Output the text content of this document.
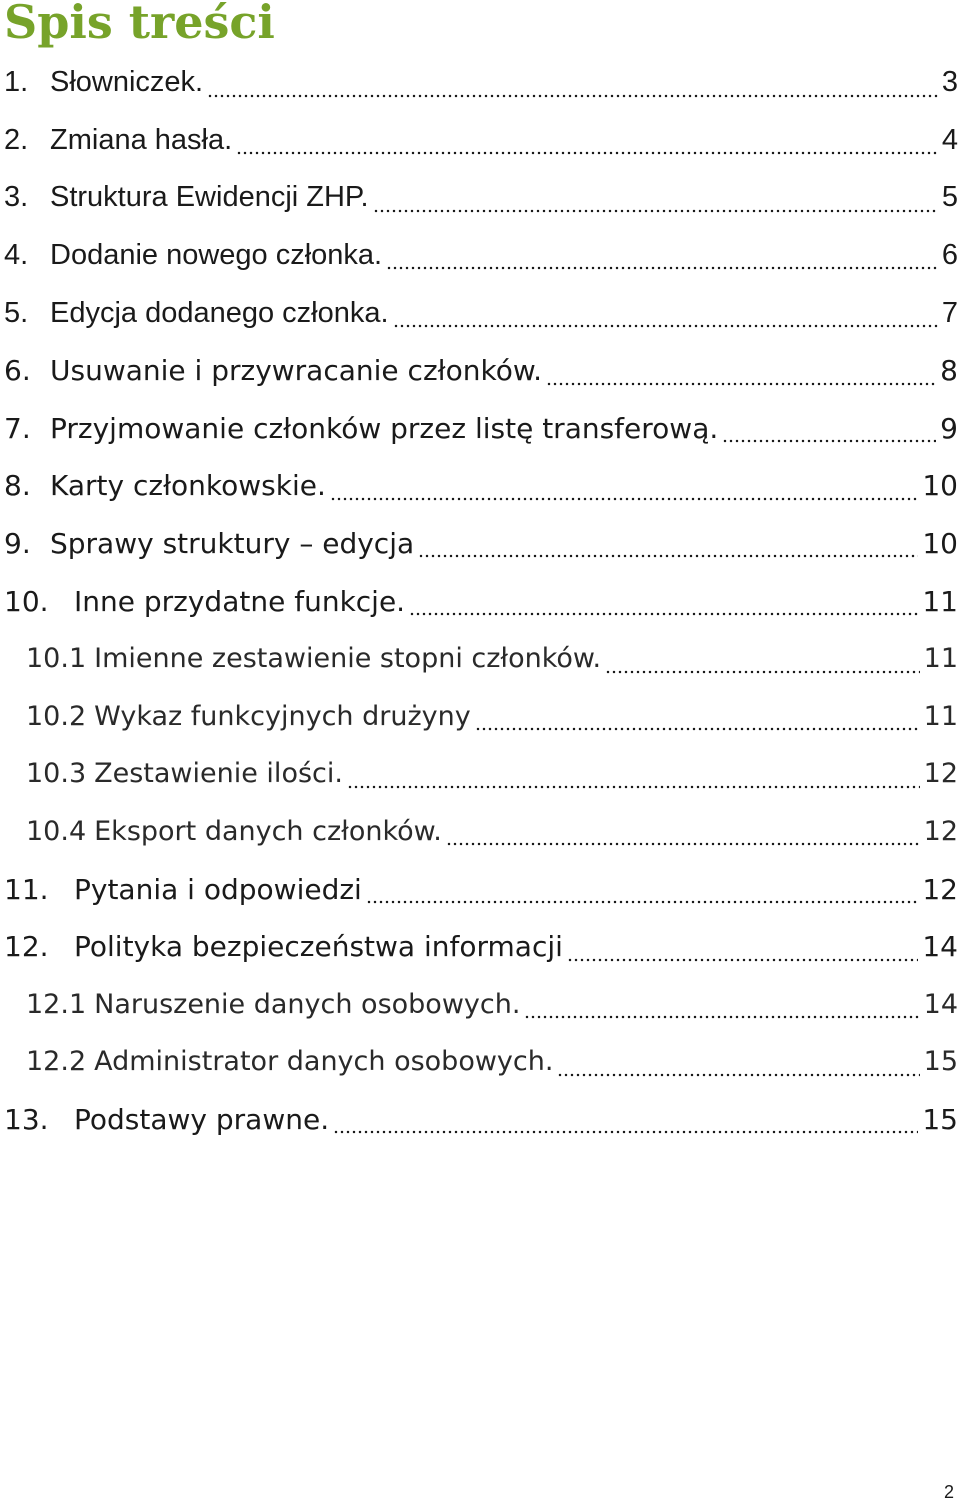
Spis treści
1. Słowniczek.	3
2. Zmiana hasła.	4
3. Struktura Ewidencji ZHP.	5
4. Dodanie nowego członka.	6
5. Edycja dodanego członka.	7
6. Usuwanie i przywracanie członków.	8
7. Przyjmowanie członków przez listę transferową.	9
8. Karty członkowskie.	10
9. Sprawy struktury – edycja	10
10. Inne przydatne funkcje.	11
10.1 Imienne zestawienie stopni członków.	11
10.2 Wykaz funkcyjnych drużyny	11
10.3 Zestawienie ilości.	12
10.4 Eksport danych członków.	12
11. Pytania i odpowiedzi	12
12. Polityka bezpieczeństwa informacji	14
12.1 Naruszenie danych osobowych.	14
12.2 Administrator danych osobowych.	15
13. Podstawy prawne.	15
2
